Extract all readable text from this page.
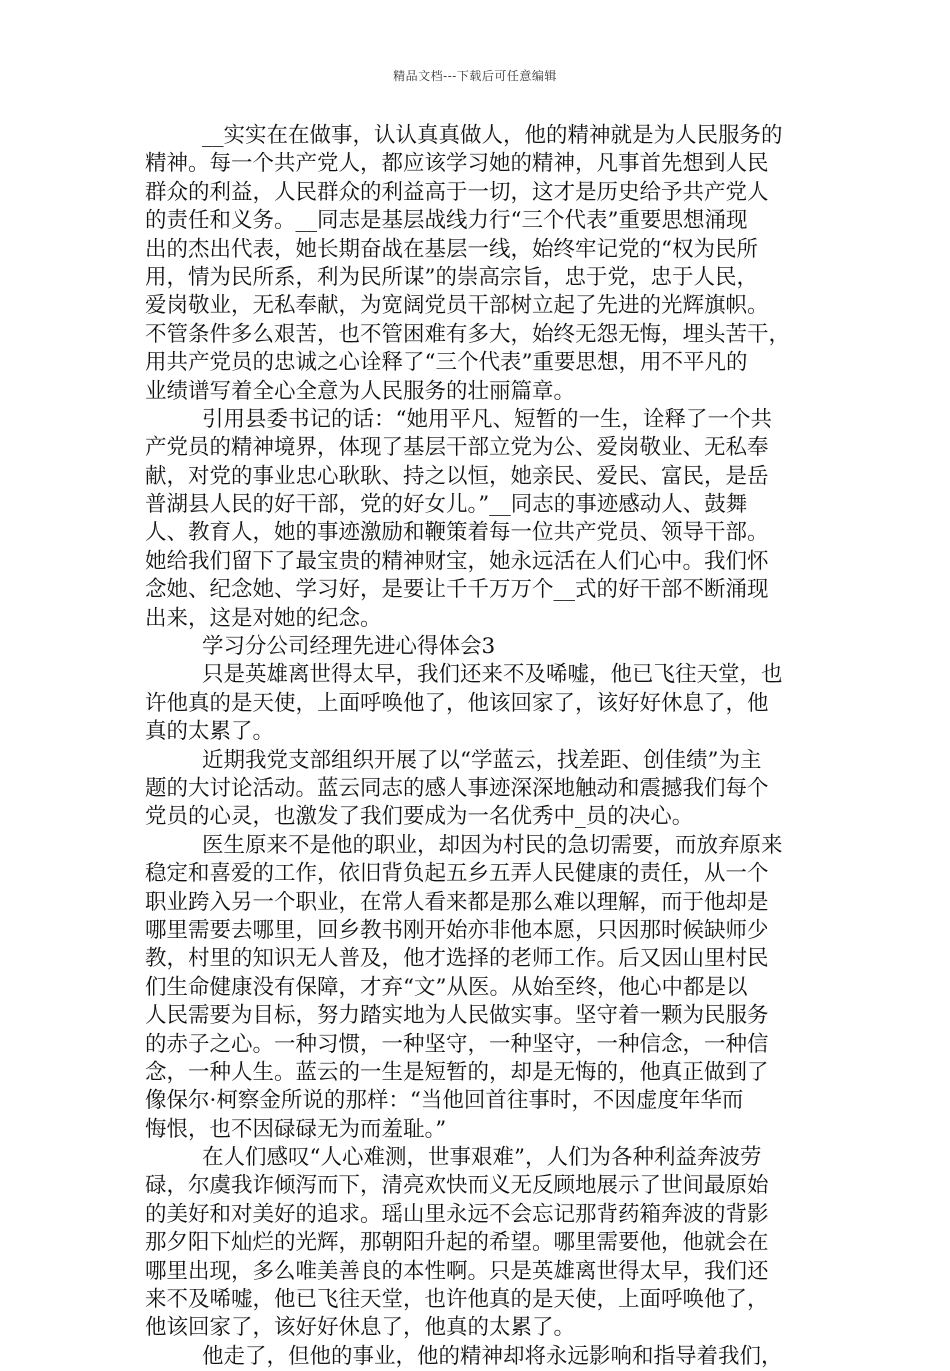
精品文档---下载后可任意编辑
__实实在在做事，认认真真做人，他的精神就是为人民服务的
精神。每一个共产党人，都应该学习她的精神，凡事首先想到人民
群众的利益，人民群众的利益高于一切，这才是历史给予共产党人
的责任和义务。__同志是基层战线力行“三个代表”重要思想涌现
出的杰出代表，她长期奋战在基层一线，始终牢记党的“权为民所
用，情为民所系，利为民所谋”的崇高宗旨，忠于党，忠于人民，
爱岗敬业，无私奉献，为宽阔党员干部树立起了先进的光辉旗帜。
不管条件多么艰苦，也不管困难有多大，始终无怨无悔，埋头苦干，
用共产党员的忠诚之心诠释了“三个代表”重要思想，用不平凡的
业绩谱写着全心全意为人民服务的壮丽篇章。
引用县委书记的话：“她用平凡、短暂的一生，诠释了一个共
产党员的精神境界，体现了基层干部立党为公、爱岗敬业、无私奉
献，对党的事业忠心耿耿、持之以恒，她亲民、爱民、富民，是岳
普湖县人民的好干部，党的好女儿。”__同志的事迹感动人、鼓舞
人、教育人，她的事迹激励和鞭策着每一位共产党员、领导干部。
她给我们留下了最宝贵的精神财宝，她永远活在人们心中。我们怀
念她、纪念她、学习好，是要让千千万万个__式的好干部不断涌现
出来，这是对她的纪念。
学习分公司经理先进心得体会3
只是英雄离世得太早，我们还来不及唏嘘，他已飞往天堂，也
许他真的是天使，上面呼唤他了，他该回家了，该好好休息了，他
真的太累了。
近期我党支部组织开展了以“学蓝云，找差距、创佳绩”为主
题的大讨论活动。蓝云同志的感人事迹深深地触动和震撼我们每个
党员的心灵，也激发了我们要成为一名优秀中_员的决心。
医生原来不是他的职业，却因为村民的急切需要，而放弃原来
稳定和喜爱的工作，依旧背负起五乡五弄人民健康的责任，从一个
职业跨入另一个职业，在常人看来都是那么难以理解，而于他却是
哪里需要去哪里，回乡教书刚开始亦非他本愿，只因那时候缺师少
教，村里的知识无人普及，他才选择的老师工作。后又因山里村民
们生命健康没有保障，才弃“文”从医。从始至终，他心中都是以
人民需要为目标，努力踏实地为人民做实事。坚守着一颗为民服务
的赤子之心。一种习惯，一种坚守，一种坚守，一种信念，一种信
念，一种人生。蓝云的一生是短暂的，却是无悔的，他真正做到了
像保尔·柯察金所说的那样：“当他回首往事时，不因虚度年华而
悔恨，也不因碌碌无为而羞耻。”
在人们感叹“人心难测，世事艰难”，人们为各种利益奔波劳
碌，尔虞我诈倾泻而下，清亮欢快而义无反顾地展示了世间最原始
的美好和对美好的追求。瑶山里永远不会忘记那背药箱奔波的背影
那夕阳下灿烂的光辉，那朝阳升起的希望。哪里需要他，他就会在
哪里出现，多么唯美善良的本性啊。只是英雄离世得太早，我们还
来不及唏嘘，他已飞往天堂，也许他真的是天使，上面呼唤他了，
他该回家了，该好好休息了，他真的太累了。
他走了，但他的事业，他的精神却将永远影响和指导着我们，
